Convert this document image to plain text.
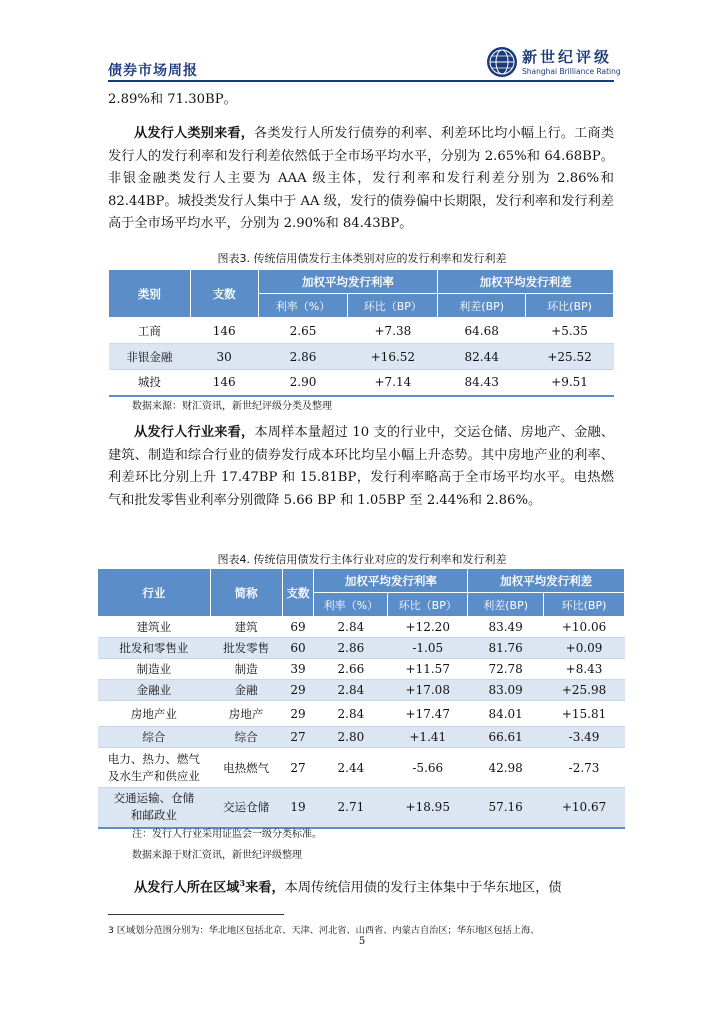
债券市场周报
新世纪评级
Shanghai Brilliance Rating
2.89%和 71.30BP。
从发行人类别来看，各类发行人所发行债券的利率、利差环比均小幅上行。工商类发行人的发行利率和发行利差依然低于全市场平均水平，分别为 2.65%和 64.68BP。非银金融类发行人主要为 AAA 级主体，发行利率和发行利差分别为 2.86%和 82.44BP。城投类发行人集中于 AA 级，发行的债券偏中长期限，发行利率和发行利差高于全市场平均水平，分别为 2.90%和 84.43BP。
图表3. 传统信用债发行主体类别对应的发行利率和发行利差
类别	支数	加权平均发行利率		加权平均发行利差	
		利率（%）	环比（BP）	利差(BP)	环比(BP)
工商	146	2.65	+7.38	64.68	+5.35
非银金融	30	2.86	+16.52	82.44	+25.52
城投	146	2.90	+7.14	84.43	+9.51
数据来源：财汇资讯，新世纪评级分类及整理
从发行人行业来看，本周样本量超过 10 支的行业中，交运仓储、房地产、金融、建筑、制造和综合行业的债券发行成本环比均呈小幅上升态势。其中房地产业的利率、利差环比分别上升 17.47BP 和 15.81BP，发行利率略高于全市场平均水平。电热燃气和批发零售业利率分别微降 5.66 BP 和 1.05BP 至 2.44%和 2.86%。
图表4. 传统信用债发行主体行业对应的发行利率和发行利差
行业	简称	支数	加权平均发行利率		加权平均发行利差	
			利率（%）	环比（BP）	利差(BP)	环比(BP)
建筑业	建筑	69	2.84	+12.20	83.49	+10.06
批发和零售业	批发零售	60	2.86	-1.05	81.76	+0.09
制造业	制造	39	2.66	+11.57	72.78	+8.43
金融业	金融	29	2.84	+17.08	83.09	+25.98
房地产业	房地产	29	2.84	+17.47	84.01	+15.81
综合	综合	27	2.80	+1.41	66.61	-3.49
电力、热力、燃气
及水生产和供应业	电热燃气	27	2.44	-5.66	42.98	-2.73
交通运输、仓储
和邮政业	交运仓储	19	2.71	+18.95	57.16	+10.67
注：发行人行业采用证监会一级分类标准。
数据来源于财汇资讯，新世纪评级整理
从发行人所在区域$^3$来看，本周传统信用债的发行主体集中于华东地区，债
3 区域划分范围分别为：华北地区包括北京、天津、河北省、山西省、内蒙古自治区；华东地区包括上海、
5
